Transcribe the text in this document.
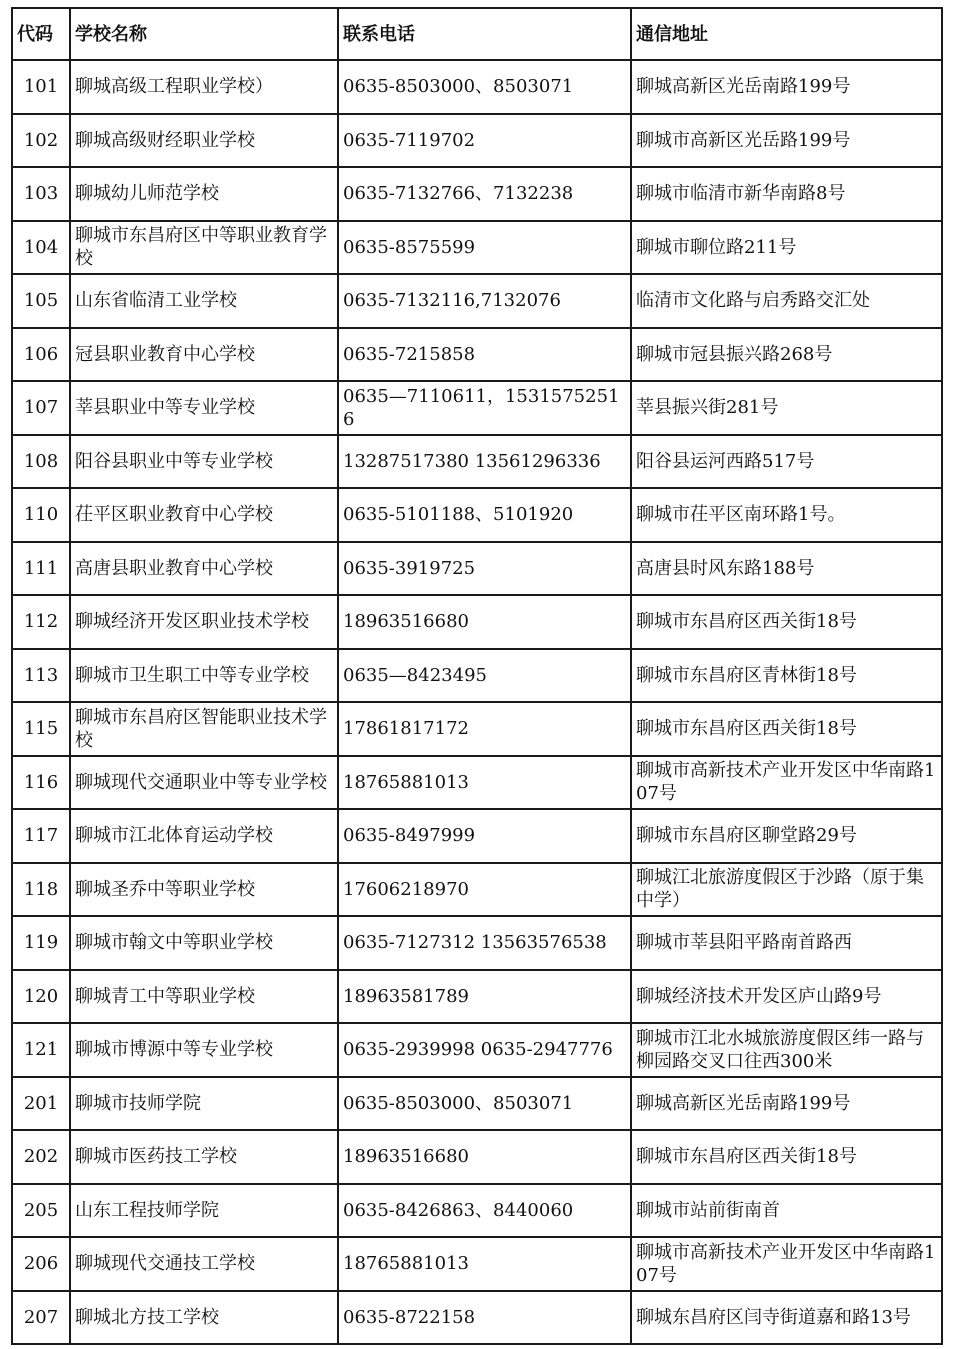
代码	学校名称	联系电话	通信地址
101	聊城高级工程职业学校）	0635-8503000、8503071	聊城高新区光岳南路199号
102	聊城高级财经职业学校	0635-7119702	聊城市高新区光岳路199号
103	聊城幼儿师范学校	0635-7132766、7132238	聊城市临清市新华南路8号
104	聊城市东昌府区中等职业教育学校	0635-8575599	聊城市聊位路211号
105	山东省临清工业学校	0635-7132116,7132076	临清市文化路与启秀路交汇处
106	冠县职业教育中心学校	0635-7215858	聊城市冠县振兴路268号
107	莘县职业中等专业学校	0635—7110611，15315752516	莘县振兴街281号
108	阳谷县职业中等专业学校	13287517380 13561296336	阳谷县运河西路517号
110	茌平区职业教育中心学校	0635-5101188、5101920	聊城市茌平区南环路1号。
111	高唐县职业教育中心学校	0635-3919725	高唐县时风东路188号
112	聊城经济开发区职业技术学校	18963516680	聊城市东昌府区西关街18号
113	聊城市卫生职工中等专业学校	0635—8423495	聊城市东昌府区青林街18号
115	聊城市东昌府区智能职业技术学校	17861817172	聊城市东昌府区西关街18号
116	聊城现代交通职业中等专业学校	18765881013	聊城市高新技术产业开发区中华南路107号
117	聊城市江北体育运动学校	0635-8497999	聊城市东昌府区聊堂路29号
118	聊城圣乔中等职业学校	17606218970	聊城江北旅游度假区于沙路（原于集中学）
119	聊城市翰文中等职业学校	0635-7127312 13563576538	聊城市莘县阳平路南首路西
120	聊城青工中等职业学校	18963581789	聊城经济技术开发区庐山路9号
121	聊城市博源中等专业学校	0635-2939998 0635-2947776	聊城市江北水城旅游度假区纬一路与柳园路交叉口往西300米
201	聊城市技师学院	0635-8503000、8503071	聊城高新区光岳南路199号
202	聊城市医药技工学校	18963516680	聊城市东昌府区西关街18号
205	山东工程技师学院	0635-8426863、8440060	聊城市站前街南首
206	聊城现代交通技工学校	18765881013	聊城市高新技术产业开发区中华南路107号
207	聊城北方技工学校	0635-8722158	聊城东昌府区闫寺街道嘉和路13号
